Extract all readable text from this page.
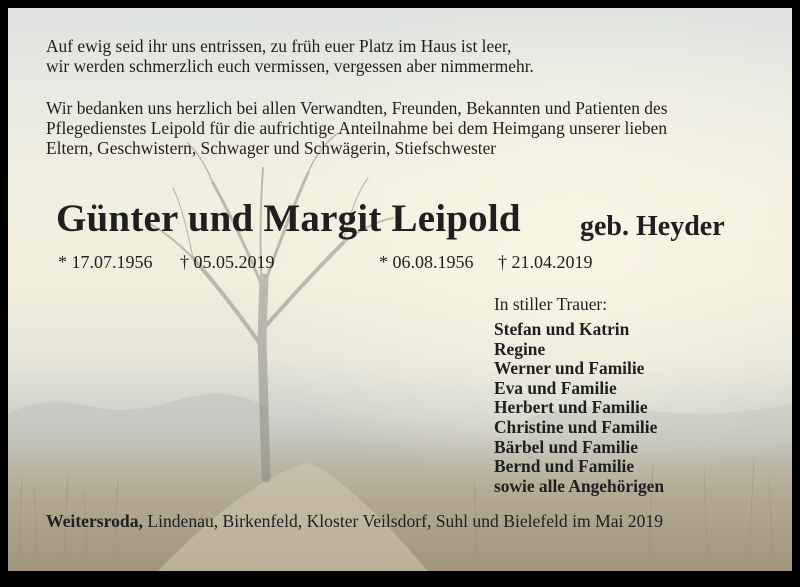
Auf ewig seid ihr uns entrissen, zu früh euer Platz im Haus ist leer,
wir werden schmerzlich euch vermissen, vergessen aber nimmermehr.
Wir bedanken uns herzlich bei allen Verwandten, Freunden, Bekannten und Patienten des
Pflegedienstes Leipold für die aufrichtige Anteilnahme bei dem Heimgang unserer lieben
Eltern, Geschwistern, Schwager und Schwägerin, Stiefschwester
Günter und Margit Leipold geb. Heyder
* 17.07.1956 † 05.05.2019	* 06.08.1956 † 21.04.2019
In stiller Trauer:
Stefan und Katrin
Regine
Werner und Familie
Eva und Familie
Herbert und Familie
Christine und Familie
Bärbel und Familie
Bernd und Familie
sowie alle Angehörigen
Weitersroda, Lindenau, Birkenfeld, Kloster Veilsdorf, Suhl und Bielefeld im Mai 2019
